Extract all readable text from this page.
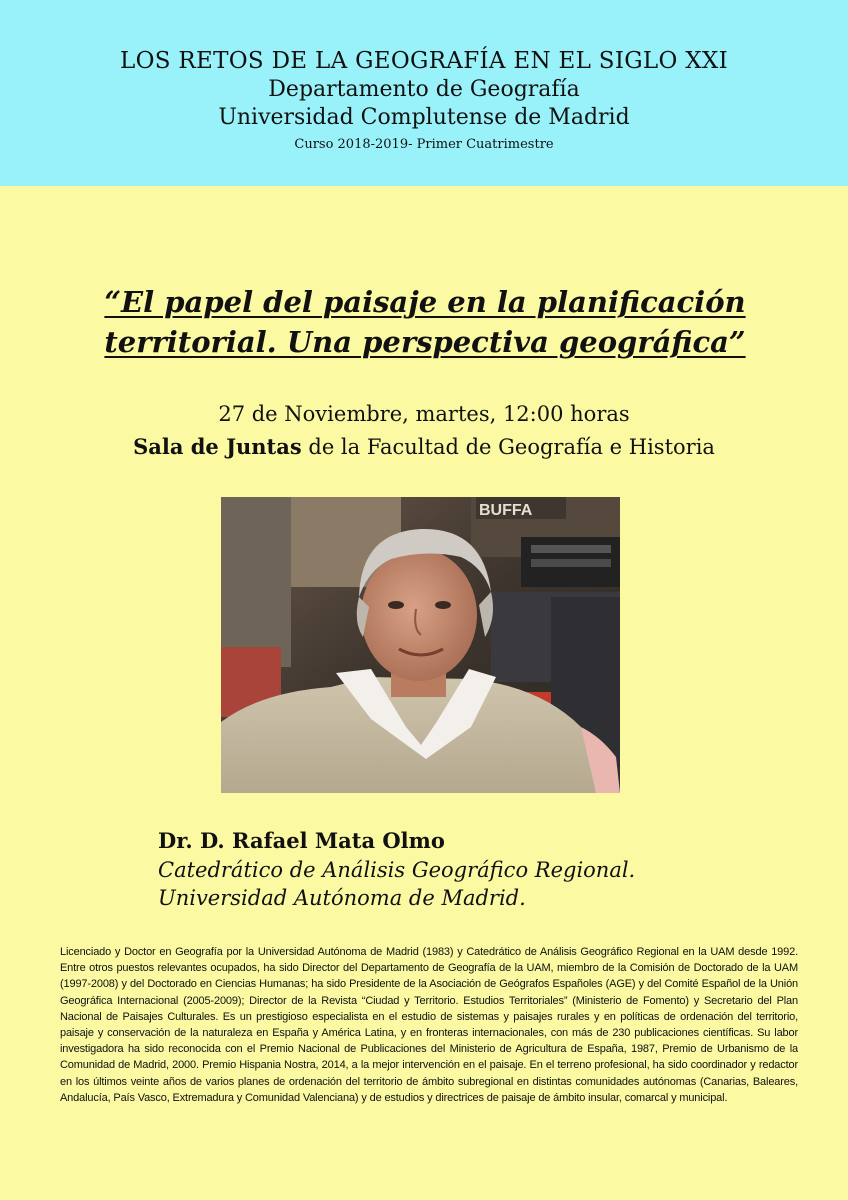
LOS RETOS DE LA GEOGRAFÍA EN EL SIGLO XXI
Departamento de Geografía
Universidad Complutense de Madrid
Curso 2018-2019- Primer Cuatrimestre
“El papel del paisaje en la planificación
territorial. Una perspectiva geográfica”
27 de Noviembre, martes, 12:00 horas
Sala de Juntas de la Facultad de Geografía e Historia
BUFFA
Dr. D. Rafael Mata Olmo
Catedrático de Análisis Geográfico Regional.
Universidad Autónoma de Madrid.
Licenciado y Doctor en Geografía por la Universidad Autónoma de Madrid (1983) y Catedrático de Análisis Geográfico Regional en la UAM desde 1992. Entre otros puestos relevantes ocupados, ha sido Director del Departamento de Geografía de la UAM, miembro de la Comisión de Doctorado de la UAM (1997-2008) y del Doctorado en Ciencias Humanas; ha sido Presidente de la Asociación de Geógrafos Españoles (AGE) y del Comité Español de la Unión Geográfica Internacional (2005-2009); Director de la Revista “Ciudad y Territorio. Estudios Territoriales” (Ministerio de Fomento) y Secretario del Plan Nacional de Paisajes Culturales. Es un prestigioso especialista en el estudio de sistemas y paisajes rurales y en políticas de ordenación del territorio, paisaje y conservación de la naturaleza en España y América Latina, y en fronteras internacionales, con más de 230 publicaciones científicas. Su labor investigadora ha sido reconocida con el Premio Nacional de Publicaciones del Ministerio de Agricultura de España, 1987, Premio de Urbanismo de la Comunidad de Madrid, 2000. Premio Hispania Nostra, 2014, a la mejor intervención en el paisaje. En el terreno profesional, ha sido coordinador y redactor en los últimos veinte años de varios planes de ordenación del territorio de ámbito subregional en distintas comunidades autónomas (Canarias, Baleares, Andalucía, País Vasco, Extremadura y Comunidad Valenciana) y de estudios y directrices de paisaje de ámbito insular, comarcal y municipal.
